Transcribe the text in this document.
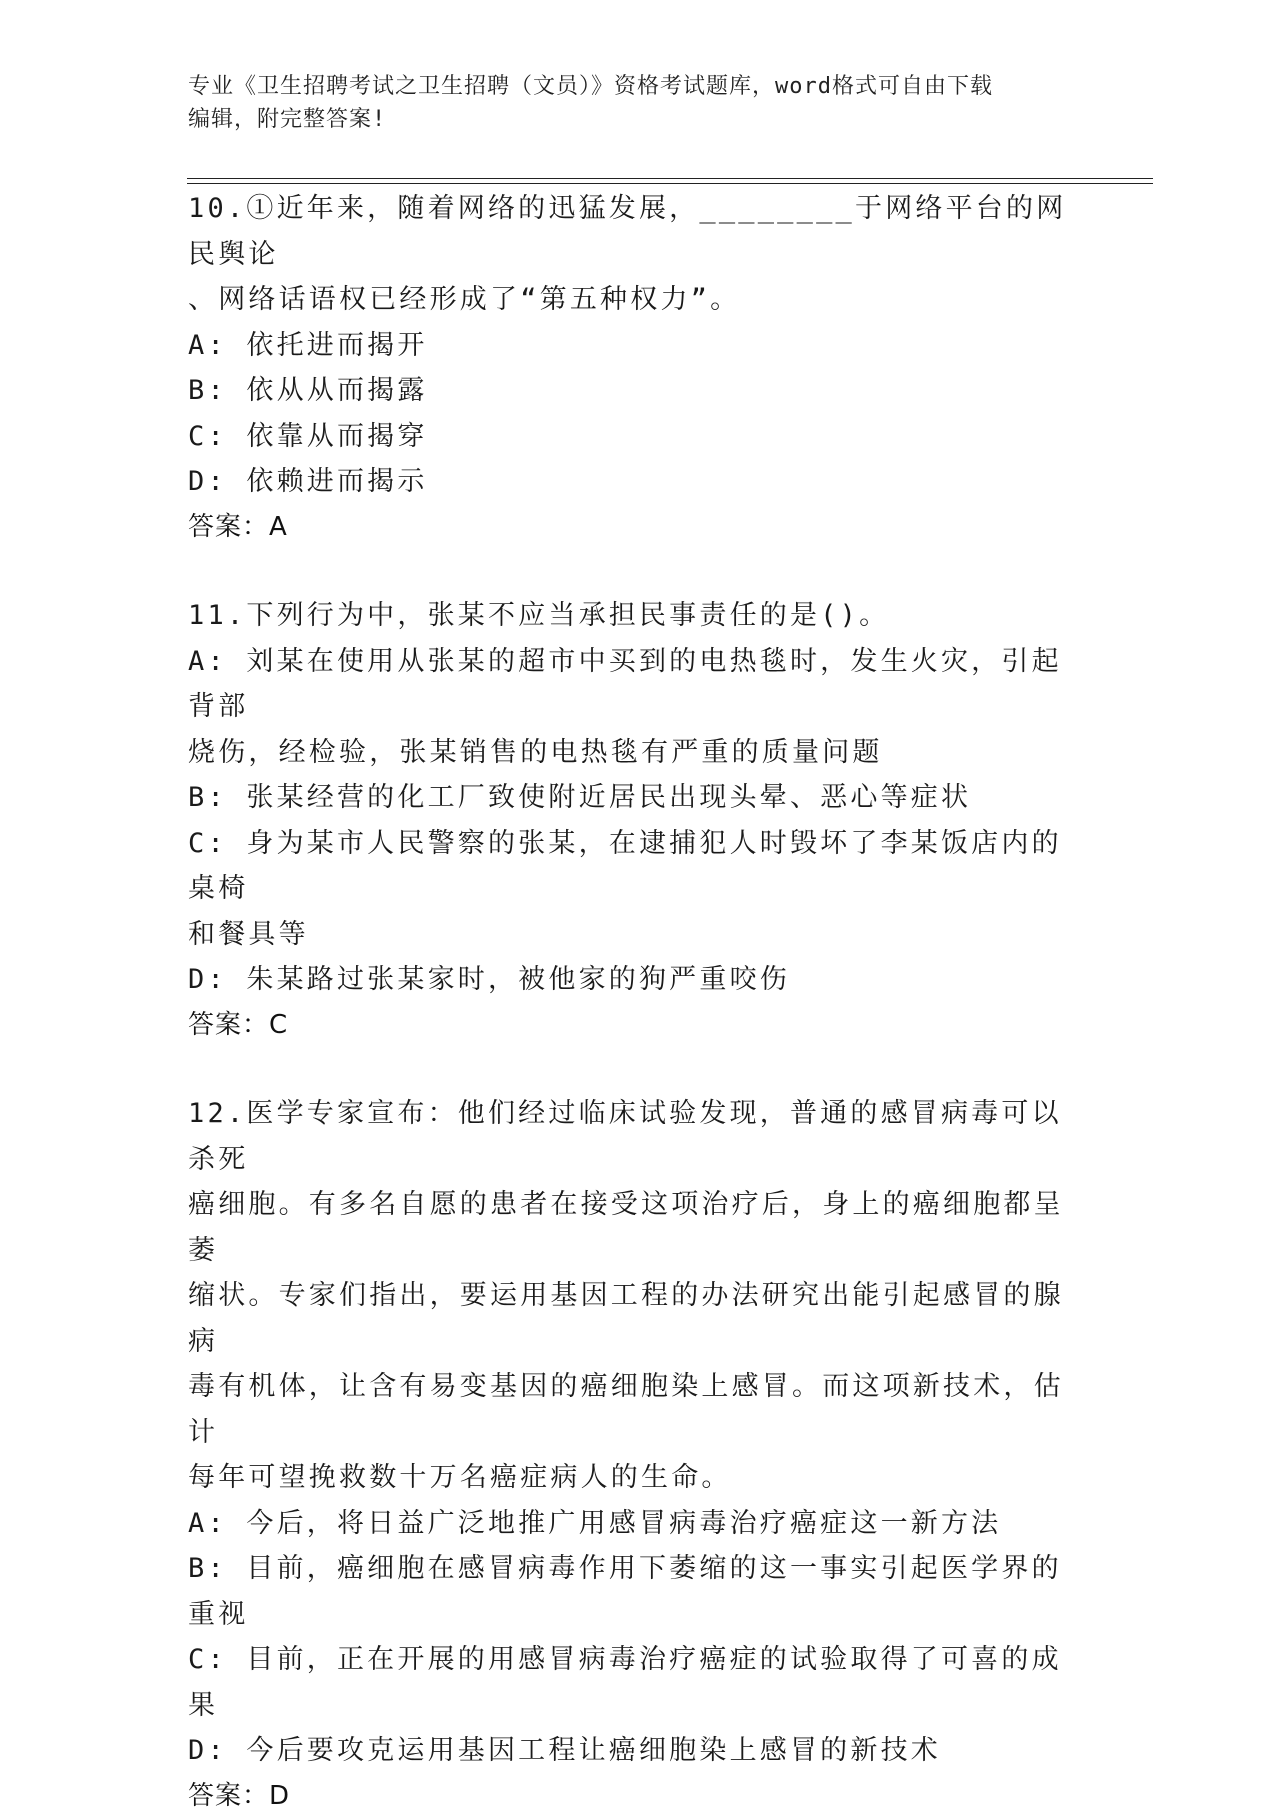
专业《卫生招聘考试之卫生招聘（文员）》资格考试题库，word格式可自由下载
编辑，附完整答案!
10.①近年来，随着网络的迅猛发展，________于网络平台的网民舆论
、网络话语权已经形成了“第五种权力”。
A: 依托进而揭开
B: 依从从而揭露
C: 依靠从而揭穿
D: 依赖进而揭示
答案：A
11.下列行为中，张某不应当承担民事责任的是()。
A: 刘某在使用从张某的超市中买到的电热毯时，发生火灾，引起背部
烧伤，经检验，张某销售的电热毯有严重的质量问题
B: 张某经营的化工厂致使附近居民出现头晕、恶心等症状
C: 身为某市人民警察的张某，在逮捕犯人时毁坏了李某饭店内的桌椅
和餐具等
D: 朱某路过张某家时，被他家的狗严重咬伤
答案：C
12.医学专家宣布：他们经过临床试验发现，普通的感冒病毒可以杀死
癌细胞。有多名自愿的患者在接受这项治疗后，身上的癌细胞都呈萎
缩状。专家们指出，要运用基因工程的办法研究出能引起感冒的腺病
毒有机体，让含有易变基因的癌细胞染上感冒。而这项新技术，估计
每年可望挽救数十万名癌症病人的生命。
A: 今后，将日益广泛地推广用感冒病毒治疗癌症这一新方法
B: 目前，癌细胞在感冒病毒作用下萎缩的这一事实引起医学界的重视
C: 目前，正在开展的用感冒病毒治疗癌症的试验取得了可喜的成果
D: 今后要攻克运用基因工程让癌细胞染上感冒的新技术
答案：D
